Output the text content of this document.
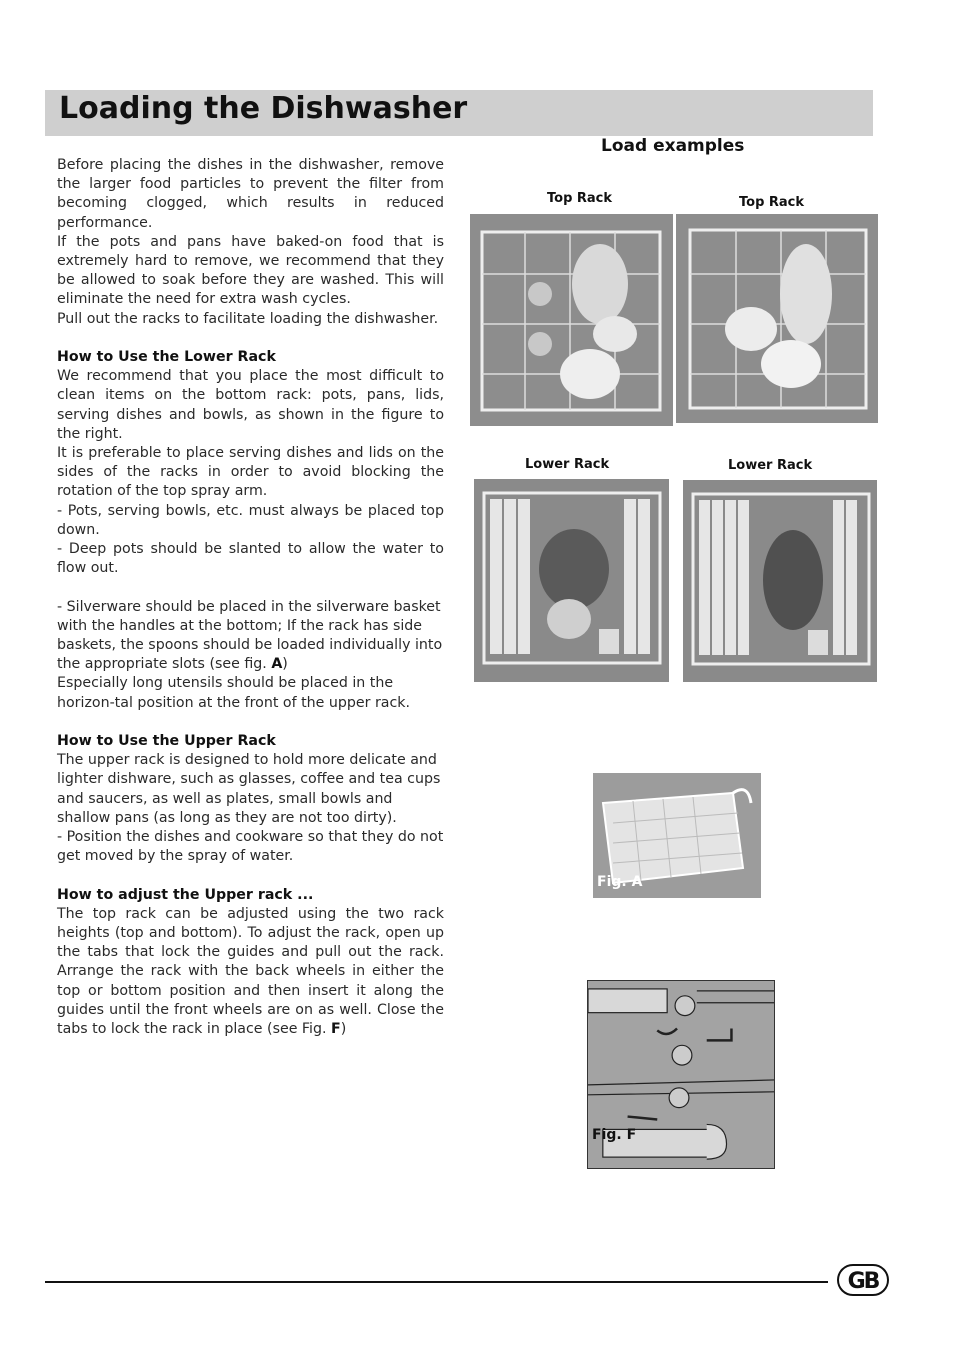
Loading the Dishwasher

Before placing the dishes in the dishwasher, remove the larger food particles to prevent the filter from becoming clogged, which results in reduced performance.

If the pots and pans have baked-on food that is extremely hard to remove, we recommend that they be allowed to soak before they are washed. This will eliminate the need for extra wash cycles.

Pull out the racks to facilitate loading the dishwasher.

How to Use the Lower Rack

We recommend that you place the most difficult to clean items on the bottom rack: pots, pans, lids, serving dishes and bowls, as shown in the figure to the right.

It is preferable to place serving dishes and lids on the sides of the racks in order to avoid blocking the rotation of the top spray arm.

- Pots, serving bowls, etc. must always be placed top down.

- Deep pots should be slanted to allow the water to flow out.

- Silverware should be placed in the silverware basket with the handles at the bottom; If the rack has side baskets, the spoons should be loaded individually into the appropriate slots (see fig. A)

Especially long utensils should be placed in the horizon-tal position at the front of the upper rack.

How to Use the Upper Rack

The upper rack is designed to hold more delicate and lighter dishware, such as glasses, coffee and tea cups and saucers, as well as plates, small bowls and shallow pans (as long as they are not too dirty).

- Position the dishes and cookware so that they do not get moved by the spray of water.

How to adjust the Upper rack ...

The top rack can be adjusted using the two rack heights (top and bottom). To adjust the rack, open up the tabs that lock the guides and pull out the rack. Arrange the rack with the back wheels in either the top or bottom position and then insert it along the guides until the front wheels are on as well. Close the tabs to lock the rack in place (see Fig. F)

Load examples
Top Rack	Top Rack
Lower Rack	Lower Rack
Fig. A
Fig. F
GB
